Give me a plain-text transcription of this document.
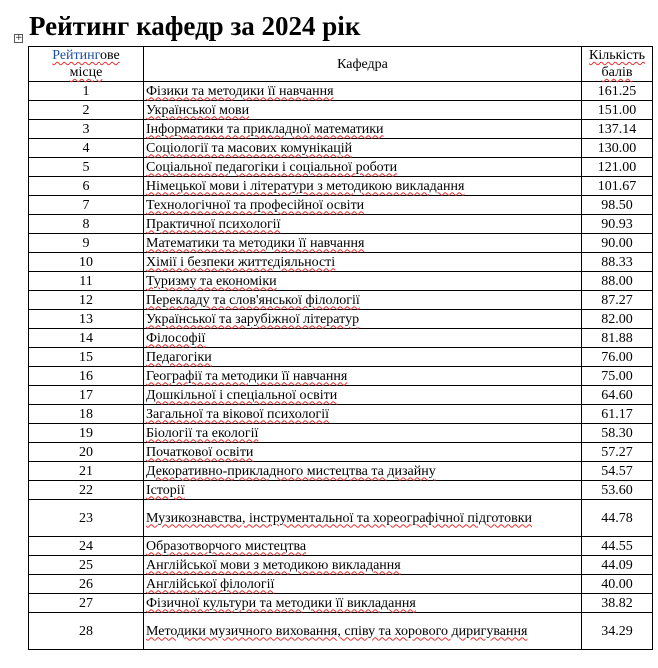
+ Рейтинг кафедр за 2024 рік
Рейтингове
місце	Кафедра	Кількість
балів
1	Фізики та методики її навчання	161.25
2	Української мови	151.00
3	Інформатики та прикладної математики	137.14
4	Соціології та масових комунікацій	130.00
5	Соціальної педагогіки і соціальної роботи	121.00
6	Німецької мови і літератури з методикою викладання	101.67
7	Технологічної та професійної освіти	98.50
8	Практичної психології	90.93
9	Математики та методики її навчання	90.00
10	Хімії і безпеки життєдіяльності	88.33
11	Туризму та економіки	88.00
12	Перекладу та слов'янської філології	87.27
13	Української та зарубіжної літератур	82.00
14	Філософії	81.88
15	Педагогіки	76.00
16	Географії та методики її навчання	75.00
17	Дошкільної і спеціальної освіти	64.60
18	Загальної та вікової психології	61.17
19	Біології та екології	58.30
20	Початкової освіти	57.27
21	Декоративно-прикладного мистецтва та дизайну	54.57
22	Історії	53.60
23	Музикознавства, інструментальної та хореографічної підготовки	44.78
24	Образотворчого мистецтва	44.55
25	Англійської мови з методикою викладання	44.09
26	Англійської філології	40.00
27	Фізичної культури та методики її викладання	38.82
28	Методики музичного виховання, співу та хорового диригування	34.29
